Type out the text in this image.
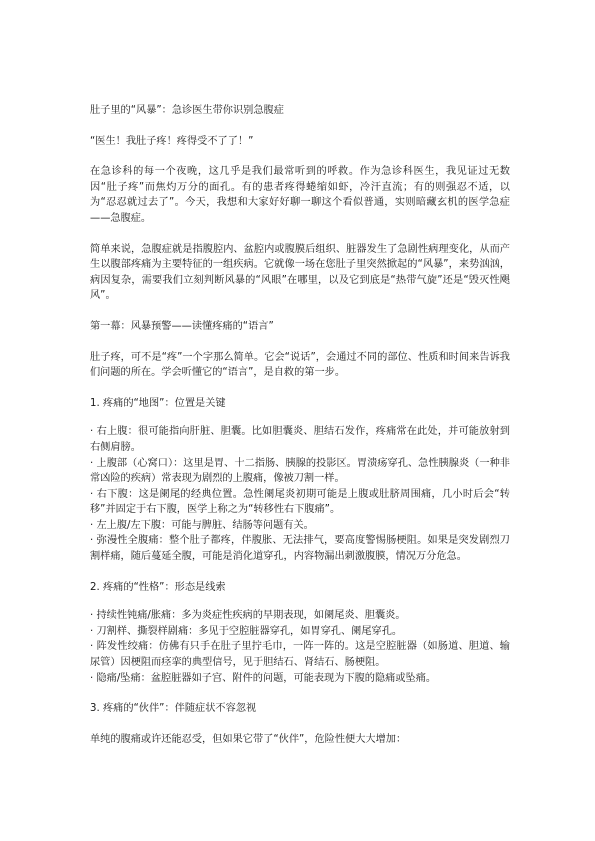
肚子里的“风暴”：急诊医生带你识别急腹症

“医生！我肚子疼！疼得受不了了！”

在急诊科的每一个夜晚，这几乎是我们最常听到的呼救。作为急诊科医生，我见证过无数因“肚子疼”而焦灼万分的面孔。有的患者疼得蜷缩如虾，冷汗直流；有的则强忍不适，以为“忍忍就过去了”。今天，我想和大家好好聊一聊这个看似普通，实则暗藏玄机的医学急症——急腹症。

简单来说，急腹症就是指腹腔内、盆腔内或腹膜后组织、脏器发生了急剧性病理变化，从而产生以腹部疼痛为主要特征的一组疾病。它就像一场在您肚子里突然掀起的“风暴”，来势汹汹，病因复杂，需要我们立刻判断风暴的“风眼”在哪里，以及它到底是“热带气旋”还是“毁灭性飓风”。

第一幕：风暴预警——读懂疼痛的“语言”

肚子疼，可不是“疼”一个字那么简单。它会“说话”，会通过不同的部位、性质和时间来告诉我们问题的所在。学会听懂它的“语言”，是自救的第一步。

1. 疼痛的“地图”：位置是关键

· 右上腹：很可能指向肝脏、胆囊。比如胆囊炎、胆结石发作，疼痛常在此处，并可能放射到右侧肩膀。

· 上腹部（心窝口）：这里是胃、十二指肠、胰腺的投影区。胃溃疡穿孔、急性胰腺炎（一种非常凶险的疾病）常表现为剧烈的上腹痛，像被刀割一样。

· 右下腹：这是阑尾的经典位置。急性阑尾炎初期可能是上腹或肚脐周围痛，几小时后会“转移”并固定于右下腹，医学上称之为“转移性右下腹痛”。

· 左上腹/左下腹：可能与脾脏、结肠等问题有关。

· 弥漫性全腹痛：整个肚子都疼，伴腹胀、无法排气，要高度警惕肠梗阻。如果是突发剧烈刀割样痛，随后蔓延全腹，可能是消化道穿孔，内容物漏出刺激腹膜，情况万分危急。

2. 疼痛的“性格”：形态是线索

· 持续性钝痛/胀痛：多为炎症性疾病的早期表现，如阑尾炎、胆囊炎。

· 刀割样、撕裂样剧痛：多见于空腔脏器穿孔，如胃穿孔、阑尾穿孔。

· 阵发性绞痛：仿佛有只手在肚子里拧毛巾，一阵一阵的。这是空腔脏器（如肠道、胆道、输尿管）因梗阻而痉挛的典型信号，见于胆结石、肾结石、肠梗阻。

· 隐痛/坠痛：盆腔脏器如子宫、附件的问题，可能表现为下腹的隐痛或坠痛。

3. 疼痛的“伙伴”：伴随症状不容忽视

单纯的腹痛或许还能忍受，但如果它带了“伙伴”，危险性便大大增加：
